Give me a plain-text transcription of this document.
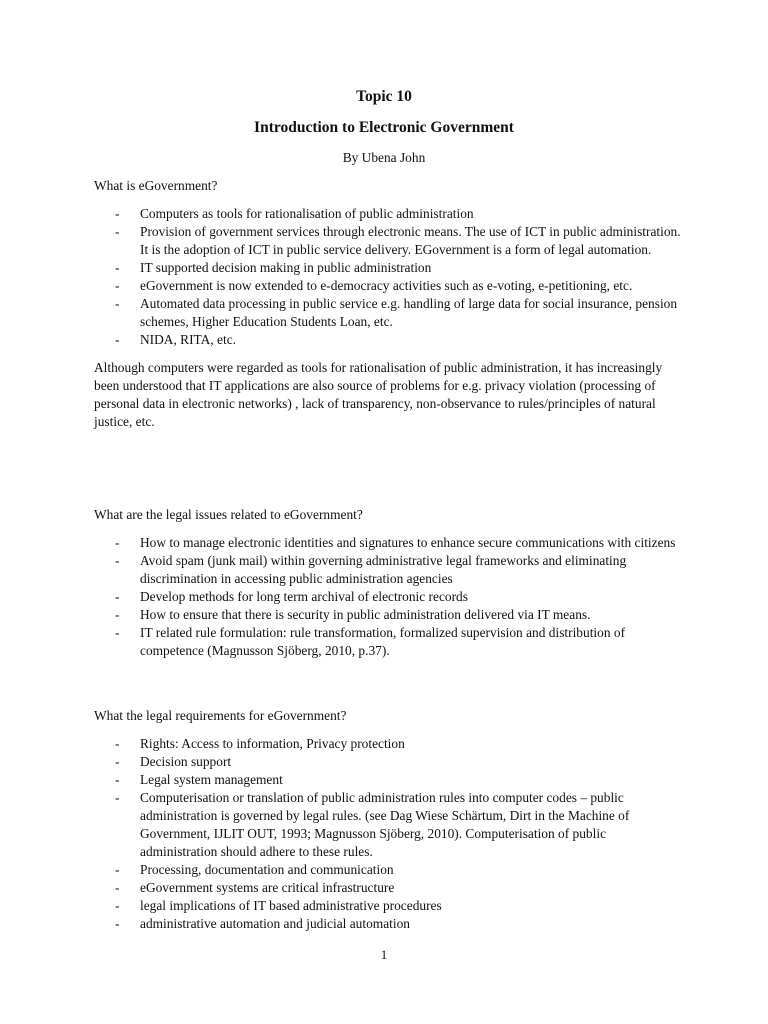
Topic 10
Introduction to Electronic Government
By Ubena John

What is eGovernment?

- Computers as tools for rationalisation of public administration
- Provision of government services through electronic means. The use of ICT in public administration. It is the adoption of ICT in public service delivery. EGovernment is a form of legal automation.
- IT supported decision making in public administration
- eGovernment is now extended to e-democracy activities such as e-voting, e-petitioning, etc.
- Automated data processing in public service e.g. handling of large data for social insurance, pension schemes, Higher Education Students Loan, etc.
- NIDA, RITA, etc.

Although computers were regarded as tools for rationalisation of public administration, it has increasingly been understood that IT applications are also source of problems for e.g. privacy violation (processing of personal data in electronic networks) , lack of transparency, non-observance to rules/principles of natural justice, etc.

What are the legal issues related to eGovernment?

- How to manage electronic identities and signatures to enhance secure communications with citizens
- Avoid spam (junk mail) within governing administrative legal frameworks and eliminating discrimination in accessing public administration agencies
- Develop methods for long term archival of electronic records
- How to ensure that there is security in public administration delivered via IT means.
- IT related rule formulation: rule transformation, formalized supervision and distribution of competence (Magnusson Sjöberg, 2010, p.37).

What the legal requirements for eGovernment?

- Rights: Access to information, Privacy protection
- Decision support
- Legal system management
- Computerisation or translation of public administration rules into computer codes – public administration is governed by legal rules. (see Dag Wiese Schärtum, Dirt in the Machine of Government, IJLIT OUT, 1993; Magnusson Sjöberg, 2010). Computerisation of public administration should adhere to these rules.
- Processing, documentation and communication
- eGovernment systems are critical infrastructure
- legal implications of IT based administrative procedures
- administrative automation and judicial automation
1
